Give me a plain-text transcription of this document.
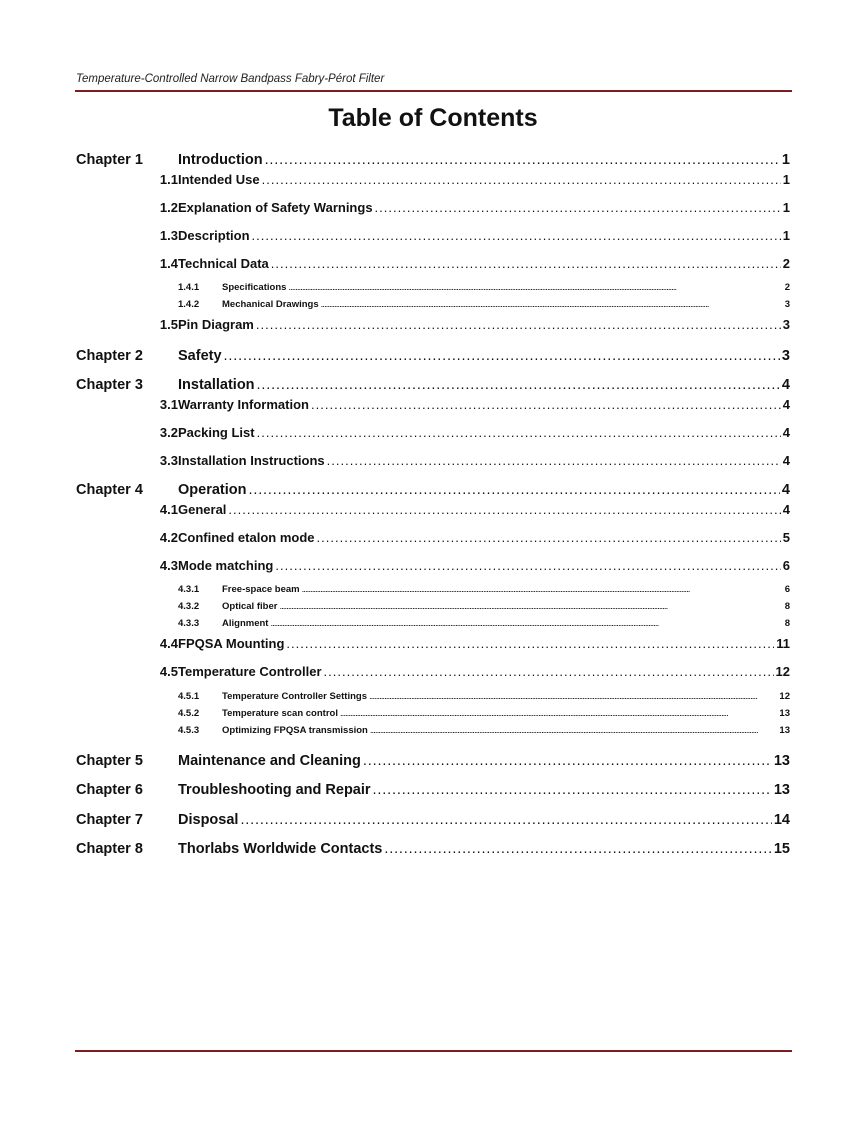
Temperature-Controlled Narrow Bandpass Fabry-Pérot Filter
Table of Contents
Chapter 1	Introduction . . .	1
1.1 Intended Use . . .	1
1.2 Explanation of Safety Warnings . . .	1
1.3 Description . . .	1
1.4 Technical Data . . .	2
1.4.1	Specifications . . .	2
1.4.2	Mechanical Drawings . . .	3
1.5 Pin Diagram . . .	3
Chapter 2	Safety . . .	3
Chapter 3	Installation . . .	4
3.1 Warranty Information . . .	4
3.2 Packing List . . .	4
3.3 Installation Instructions . . .	4
Chapter 4	Operation . . .	4
4.1 General . . .	4
4.2 Confined etalon mode . . .	5
4.3 Mode matching . . .	6
4.3.1	Free-space beam . . .	6
4.3.2	Optical fiber . . .	8
4.3.3	Alignment . . .	8
4.4 FPQSA Mounting . . .	11
4.5 Temperature Controller . . .	12
4.5.1	Temperature Controller Settings . . .	12
4.5.2	Temperature scan control . . .	13
4.5.3	Optimizing FPQSA transmission . . .	13
Chapter 5	Maintenance and Cleaning . . .	13
Chapter 6	Troubleshooting and Repair . . .	13
Chapter 7	Disposal . . .	14
Chapter 8	Thorlabs Worldwide Contacts . . .	15
